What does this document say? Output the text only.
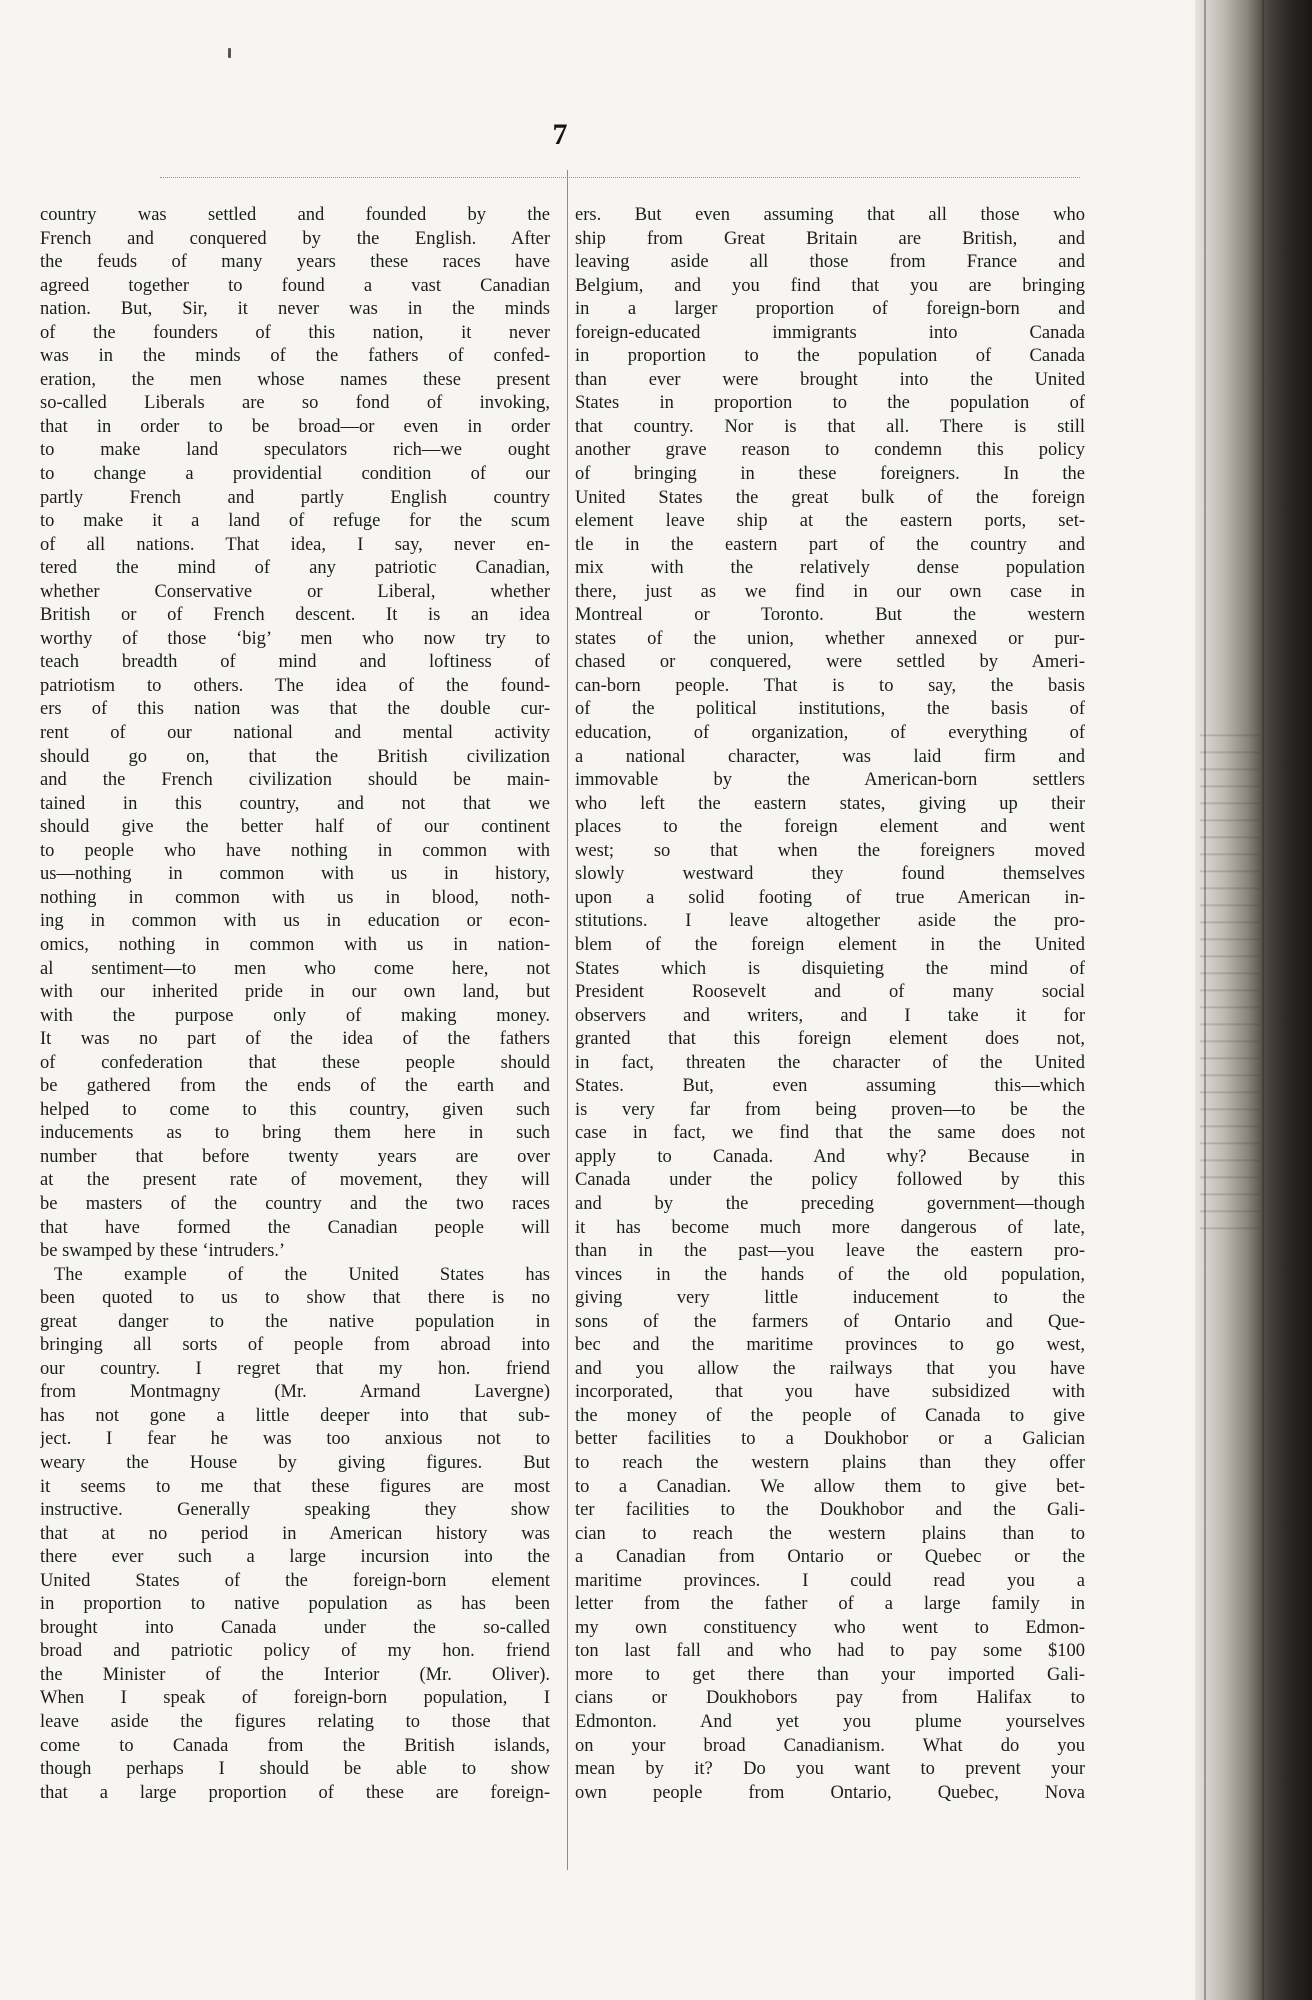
7
country was settled and founded by the
French and conquered by the English. After
the feuds of many years these races have
agreed together to found a vast Canadian
nation. But, Sir, it never was in the minds
of the founders of this nation, it never
was in the minds of the fathers of confed-
eration, the men whose names these present
so-called Liberals are so fond of invoking,
that in order to be broad—or even in order
to make land speculators rich—we ought
to change a providential condition of our
partly French and partly English country
to make it a land of refuge for the scum
of all nations. That idea, I say, never en-
tered the mind of any patriotic Canadian,
whether Conservative or Liberal, whether
British or of French descent. It is an idea
worthy of those ‘big’ men who now try to
teach breadth of mind and loftiness of
patriotism to others. The idea of the found-
ers of this nation was that the double cur-
rent of our national and mental activity
should go on, that the British civilization
and the French civilization should be main-
tained in this country, and not that we
should give the better half of our continent
to people who have nothing in common with
us—nothing in common with us in history,
nothing in common with us in blood, noth-
ing in common with us in education or econ-
omics, nothing in common with us in nation-
al sentiment—to men who come here, not
with our inherited pride in our own land, but
with the purpose only of making money.
It was no part of the idea of the fathers
of confederation that these people should
be gathered from the ends of the earth and
helped to come to this country, given such
inducements as to bring them here in such
number that before twenty years are over
at the present rate of movement, they will
be masters of the country and the two races
that have formed the Canadian people will
be swamped by these ‘intruders.’
The example of the United States has
been quoted to us to show that there is no
great danger to the native population in
bringing all sorts of people from abroad into
our country. I regret that my hon. friend
from Montmagny (Mr. Armand Lavergne)
has not gone a little deeper into that sub-
ject. I fear he was too anxious not to
weary the House by giving figures. But
it seems to me that these figures are most
instructive. Generally speaking they show
that at no period in American history was
there ever such a large incursion into the
United States of the foreign-born element
in proportion to native population as has been
brought into Canada under the so-called
broad and patriotic policy of my hon. friend
the Minister of the Interior (Mr. Oliver).
When I speak of foreign-born population, I
leave aside the figures relating to those that
come to Canada from the British islands,
though perhaps I should be able to show
that a large proportion of these are foreign-
ers. But even assuming that all those who
ship from Great Britain are British, and
leaving aside all those from France and
Belgium, and you find that you are bringing
in a larger proportion of foreign-born and
foreign-educated immigrants into Canada
in proportion to the population of Canada
than ever were brought into the United
States in proportion to the population of
that country. Nor is that all. There is still
another grave reason to condemn this policy
of bringing in these foreigners. In the
United States the great bulk of the foreign
element leave ship at the eastern ports, set-
tle in the eastern part of the country and
mix with the relatively dense population
there, just as we find in our own case in
Montreal or Toronto. But the western
states of the union, whether annexed or pur-
chased or conquered, were settled by Ameri-
can-born people. That is to say, the basis
of the political institutions, the basis of
education, of organization, of everything of
a national character, was laid firm and
immovable by the American-born settlers
who left the eastern states, giving up their
places to the foreign element and went
west; so that when the foreigners moved
slowly westward they found themselves
upon a solid footing of true American in-
stitutions. I leave altogether aside the pro-
blem of the foreign element in the United
States which is disquieting the mind of
President Roosevelt and of many social
observers and writers, and I take it for
granted that this foreign element does not,
in fact, threaten the character of the United
States. But, even assuming this—which
is very far from being proven—to be the
case in fact, we find that the same does not
apply to Canada. And why? Because in
Canada under the policy followed by this
and by the preceding government—though
it has become much more dangerous of late,
than in the past—you leave the eastern pro-
vinces in the hands of the old population,
giving very little inducement to the
sons of the farmers of Ontario and Que-
bec and the maritime provinces to go west,
and you allow the railways that you have
incorporated, that you have subsidized with
the money of the people of Canada to give
better facilities to a Doukhobor or a Galician
to reach the western plains than they offer
to a Canadian. We allow them to give bet-
ter facilities to the Doukhobor and the Gali-
cian to reach the western plains than to
a Canadian from Ontario or Quebec or the
maritime provinces. I could read you a
letter from the father of a large family in
my own constituency who went to Edmon-
ton last fall and who had to pay some $100
more to get there than your imported Gali-
cians or Doukhobors pay from Halifax to
Edmonton. And yet you plume yourselves
on your broad Canadianism. What do you
mean by it? Do you want to prevent your
own people from Ontario, Quebec, Nova
